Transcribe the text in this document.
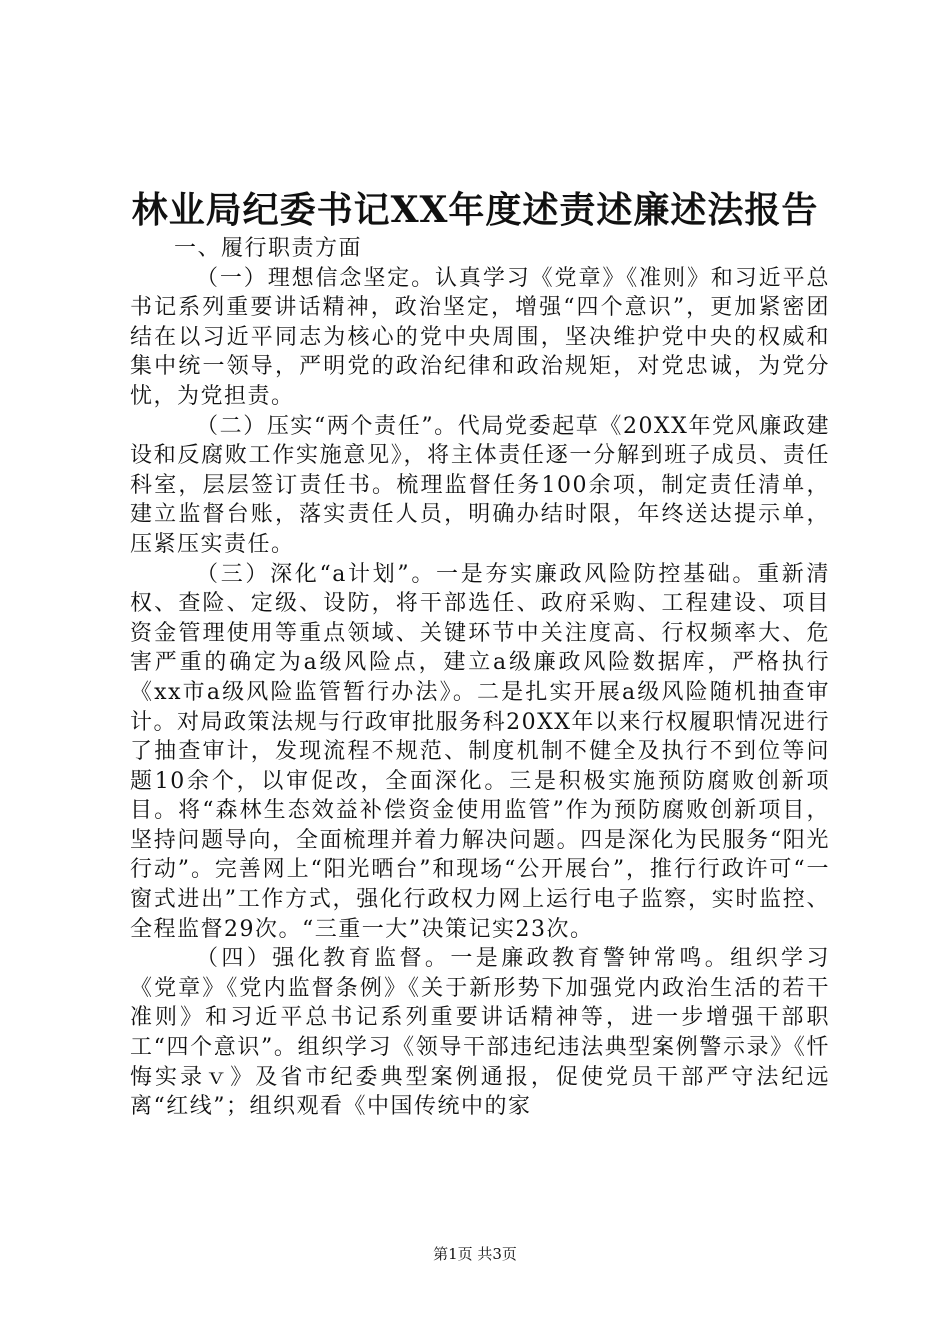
林业局纪委书记XX年度述责述廉述法报告

一、履行职责方面

（一）理想信念坚定。认真学习《党章》《准则》和习近平总书记系列重要讲话精神，政治坚定，增强“四个意识”，更加紧密团结在以习近平同志为核心的党中央周围，坚决维护党中央的权威和集中统一领导，严明党的政治纪律和政治规矩，对党忠诚，为党分忧，为党担责。

（二）压实“两个责任”。代局党委起草《20XX年党风廉政建设和反腐败工作实施意见》，将主体责任逐一分解到班子成员、责任科室，层层签订责任书。梳理监督任务100余项，制定责任清单，建立监督台账，落实责任人员，明确办结时限，年终送达提示单，压紧压实责任。

（三）深化“a计划”。一是夯实廉政风险防控基础。重新清权、查险、定级、设防，将干部选任、政府采购、工程建设、项目资金管理使用等重点领域、关键环节中关注度高、行权频率大、危害严重的确定为a级风险点，建立a级廉政风险数据库，严格执行《xx市a级风险监管暂行办法》。二是扎实开展a级风险随机抽查审计。对局政策法规与行政审批服务科20XX年以来行权履职情况进行了抽查审计，发现流程不规范、制度机制不健全及执行不到位等问题10余个，以审促改，全面深化。三是积极实施预防腐败创新项目。将“森林生态效益补偿资金使用监管”作为预防腐败创新项目，坚持问题导向，全面梳理并着力解决问题。四是深化为民服务“阳光行动”。完善网上“阳光晒台”和现场“公开展台”，推行行政许可“一窗式进出”工作方式，强化行政权力网上运行电子监察，实时监控、全程监督29次。“三重一大”决策记实23次。

（四）强化教育监督。一是廉政教育警钟常鸣。组织学习《党章》《党内监督条例》《关于新形势下加强党内政治生活的若干准则》和习近平总书记系列重要讲话精神等，进一步增强干部职工“四个意识”。组织学习《领导干部违纪违法典型案例警示录》《忏悔实录ｖ》及省市纪委典型案例通报，促使党员干部严守法纪远离“红线”；组织观看《中国传统中的家

第1页 共3页
